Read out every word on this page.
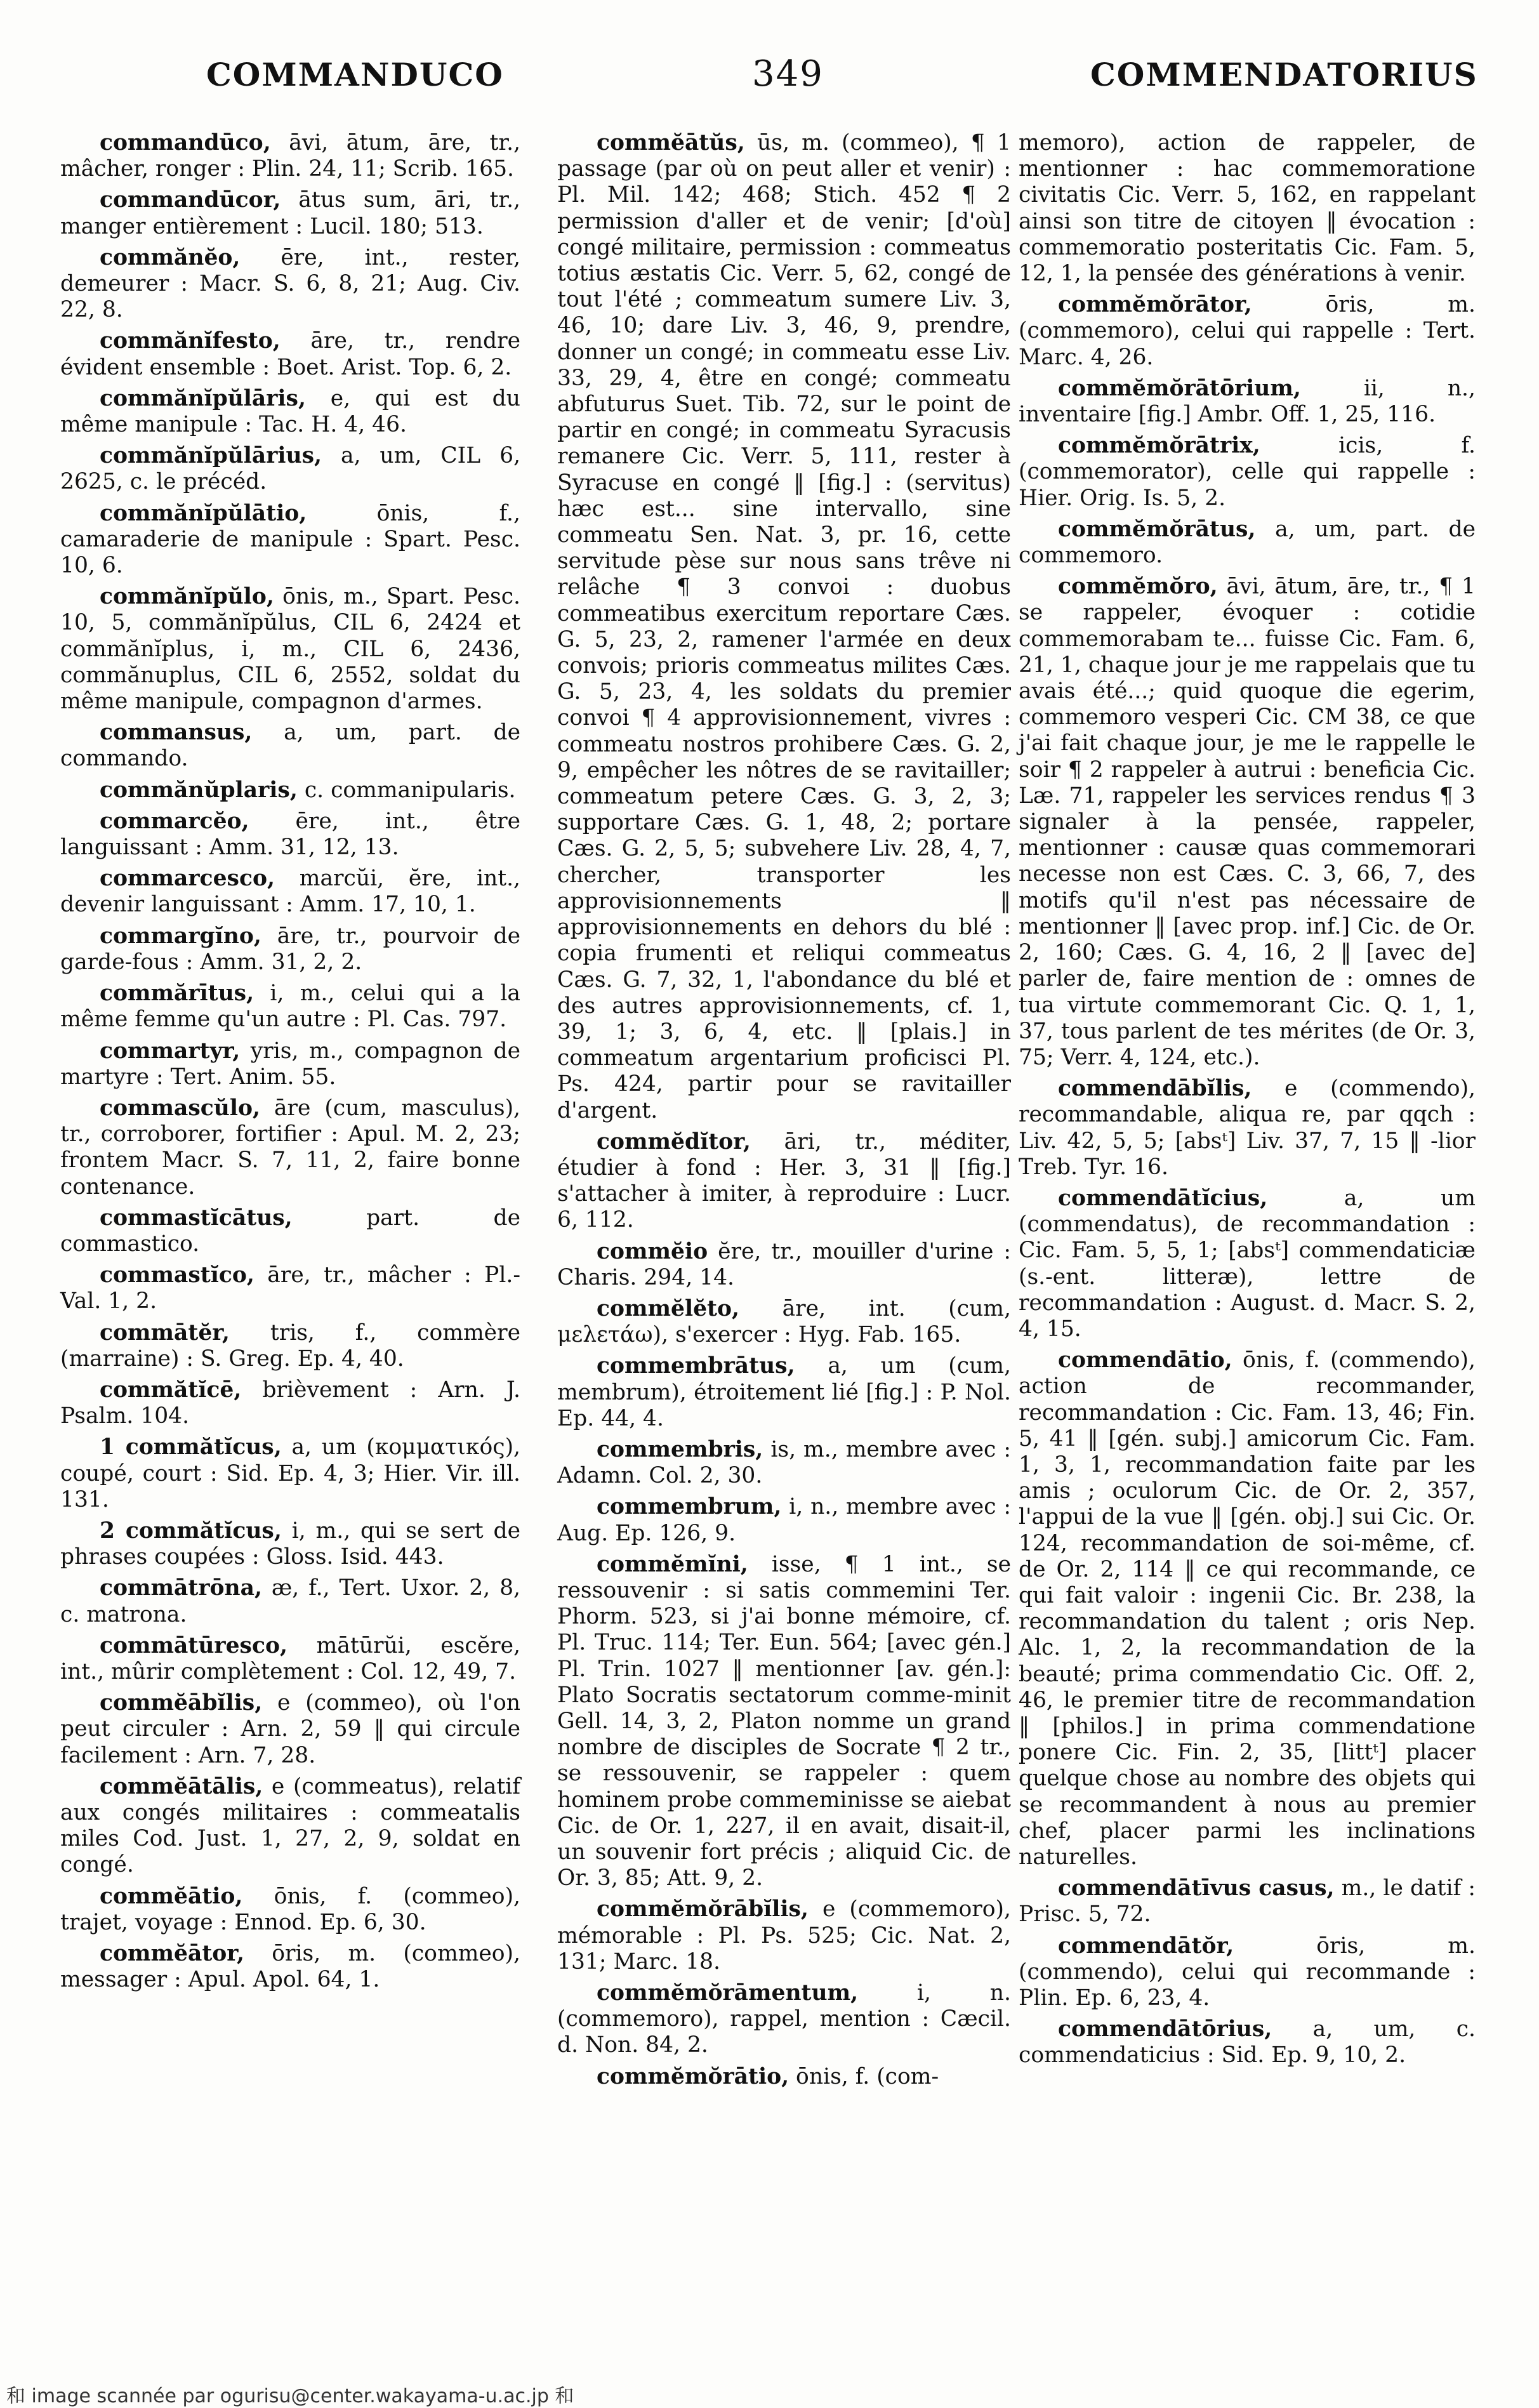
COMMANDUCO	349	COMMENDATORIUS

commandūco, āvi, ātum, āre, tr., mâcher, ronger : Plin. 24, 11; Scrib. 165.

commandūcor, ātus sum, āri, tr., manger entièrement : Lucil. 180; 513.

commănĕo, ēre, int., rester, demeurer : Macr. S. 6, 8, 21; Aug. Civ. 22, 8.

commănĭfesto, āre, tr., rendre évident ensemble : Boet. Arist. Top. 6, 2.

commănĭpŭlāris, e, qui est du même manipule : Tac. H. 4, 46.

commănĭpŭlārius, a, um, CIL 6, 2625, c. le précéd.

commănĭpŭlātio, ōnis, f., camaraderie de manipule : Spart. Pesc. 10, 6.

commănĭpŭlo, ōnis, m., Spart. Pesc. 10, 5, commănĭpŭlus, CIL 6, 2424 et commănĭplus, i, m., CIL 6, 2436, commănuplus, CIL 6, 2552, soldat du même manipule, compagnon d'armes.

commansus, a, um, part. de commando.

commănŭplaris, c. commanipularis.

commarcĕo, ēre, int., être languissant : Amm. 31, 12, 13.

commarcesco, marcŭi, ĕre, int., devenir languissant : Amm. 17, 10, 1.

commargĭno, āre, tr., pourvoir de garde-fous : Amm. 31, 2, 2.

commărītus, i, m., celui qui a la même femme qu'un autre : Pl. Cas. 797.

commartyr, yris, m., compagnon de martyre : Tert. Anim. 55.

commascŭlo, āre (cum, masculus), tr., corroborer, fortifier : Apul. M. 2, 23; frontem Macr. S. 7, 11, 2, faire bonne contenance.

commastĭcātus, part. de commastico.

commastĭco, āre, tr., mâcher : Pl.-Val. 1, 2.

commātĕr, tris, f., commère (marraine) : S. Greg. Ep. 4, 40.

commătĭcē, brièvement : Arn. J. Psalm. 104.

1 commătĭcus, a, um (κομματικός), coupé, court : Sid. Ep. 4, 3; Hier. Vir. ill. 131.

2 commătĭcus, i, m., qui se sert de phrases coupées : Gloss. Isid. 443.

commātrōna, æ, f., Tert. Uxor. 2, 8, c. matrona.

commātūresco, mātūrŭi, escĕre, int., mûrir complètement : Col. 12, 49, 7.

commĕābĭlis, e (commeo), où l'on peut circuler : Arn. 2, 59 ‖ qui circule facilement : Arn. 7, 28.

commĕātālis, e (commeatus), relatif aux congés militaires : commeatalis miles Cod. Just. 1, 27, 2, 9, soldat en congé.

commĕātio, ōnis, f. (commeo), trajet, voyage : Ennod. Ep. 6, 30.

commĕātor, ōris, m. (commeo), messager : Apul. Apol. 64, 1.

commĕātŭs, ūs, m. (commeo), ¶ 1 passage (par où on peut aller et venir) : Pl. Mil. 142; 468; Stich. 452 ¶ 2 permission d'aller et de venir; [d'où] congé militaire, permission : commeatus totius æstatis Cic. Verr. 5, 62, congé de tout l'été ; commeatum sumere Liv. 3, 46, 10; dare Liv. 3, 46, 9, prendre, donner un congé; in commeatu esse Liv. 33, 29, 4, être en congé; commeatu abfuturus Suet. Tib. 72, sur le point de partir en congé; in commeatu Syracusis remanere Cic. Verr. 5, 111, rester à Syracuse en congé ‖ [fig.] : (servitus) hæc est... sine intervallo, sine commeatu Sen. Nat. 3, pr. 16, cette servitude pèse sur nous sans trêve ni relâche ¶ 3 convoi : duobus commeatibus exercitum reportare Cæs. G. 5, 23, 2, ramener l'armée en deux convois; prioris commeatus milites Cæs. G. 5, 23, 4, les soldats du premier convoi ¶ 4 approvisionnement, vivres : commeatu nostros prohibere Cæs. G. 2, 9, empêcher les nôtres de se ravitailler; commeatum petere Cæs. G. 3, 2, 3; supportare Cæs. G. 1, 48, 2; portare Cæs. G. 2, 5, 5; subvehere Liv. 28, 4, 7, chercher, transporter les approvisionnements ‖ approvisionnements en dehors du blé : copia frumenti et reliqui commeatus Cæs. G. 7, 32, 1, l'abondance du blé et des autres approvisionnements, cf. 1, 39, 1; 3, 6, 4, etc. ‖ [plais.] in commeatum argentarium proficisci Pl. Ps. 424, partir pour se ravitailler d'argent.

commĕdĭtor, āri, tr., méditer, étudier à fond : Her. 3, 31 ‖ [fig.] s'attacher à imiter, à reproduire : Lucr. 6, 112.

commĕio ĕre, tr., mouiller d'urine : Charis. 294, 14.

commĕlĕto, āre, int. (cum, μελετάω), s'exercer : Hyg. Fab. 165.

commembrātus, a, um (cum, membrum), étroitement lié [fig.] : P. Nol. Ep. 44, 4.

commembris, is, m., membre avec : Adamn. Col. 2, 30.

commembrum, i, n., membre avec : Aug. Ep. 126, 9.

commĕmĭni, isse, ¶ 1 int., se ressouvenir : si satis commemini Ter. Phorm. 523, si j'ai bonne mémoire, cf. Pl. Truc. 114; Ter. Eun. 564; [avec gén.] Pl. Trin. 1027 ‖ mentionner [av. gén.]: Plato Socratis sectatorum comme-minit Gell. 14, 3, 2, Platon nomme un grand nombre de disciples de Socrate ¶ 2 tr., se ressouvenir, se rappeler : quem hominem probe commeminisse se aiebat Cic. de Or. 1, 227, il en avait, disait-il, un souvenir fort précis ; aliquid Cic. de Or. 3, 85; Att. 9, 2.

commĕmŏrābĭlis, e (commemoro), mémorable : Pl. Ps. 525; Cic. Nat. 2, 131; Marc. 18.

commĕmŏrāmentum, i, n. (commemoro), rappel, mention : Cæcil. d. Non. 84, 2.

commĕmŏrātio, ōnis, f. (com-

memoro), action de rappeler, de mentionner : hac commemoratione civitatis Cic. Verr. 5, 162, en rappelant ainsi son titre de citoyen ‖ évocation : commemoratio posteritatis Cic. Fam. 5, 12, 1, la pensée des générations à venir.

commĕmŏrātor, ōris, m. (commemoro), celui qui rappelle : Tert. Marc. 4, 26.

commĕmŏrātōrium, ii, n., inventaire [fig.] Ambr. Off. 1, 25, 116.

commĕmŏrātrix, icis, f. (commemorator), celle qui rappelle : Hier. Orig. Is. 5, 2.

commĕmŏrātus, a, um, part. de commemoro.

commĕmŏro, āvi, ātum, āre, tr., ¶ 1 se rappeler, évoquer : cotidie commemorabam te... fuisse Cic. Fam. 6, 21, 1, chaque jour je me rappelais que tu avais été...; quid quoque die egerim, commemoro vesperi Cic. CM 38, ce que j'ai fait chaque jour, je me le rappelle le soir ¶ 2 rappeler à autrui : beneficia Cic. Læ. 71, rappeler les services rendus ¶ 3 signaler à la pensée, rappeler, mentionner : causæ quas commemorari necesse non est Cæs. C. 3, 66, 7, des motifs qu'il n'est pas nécessaire de mentionner ‖ [avec prop. inf.] Cic. de Or. 2, 160; Cæs. G. 4, 16, 2 ‖ [avec de] parler de, faire mention de : omnes de tua virtute commemorant Cic. Q. 1, 1, 37, tous parlent de tes mérites (de Or. 3, 75; Verr. 4, 124, etc.).

commendābĭlis, e (commendo), recommandable, aliqua re, par qqch : Liv. 42, 5, 5; [absᵗ] Liv. 37, 7, 15 ‖ -lior Treb. Tyr. 16.

commendātĭcius, a, um (commendatus), de recommandation : Cic. Fam. 5, 5, 1; [absᵗ] commendaticiæ (s.-ent. litteræ), lettre de recommandation : August. d. Macr. S. 2, 4, 15.

commendātio, ōnis, f. (commendo), action de recommander, recommandation : Cic. Fam. 13, 46; Fin. 5, 41 ‖ [gén. subj.] amicorum Cic. Fam. 1, 3, 1, recommandation faite par les amis ; oculorum Cic. de Or. 2, 357, l'appui de la vue ‖ [gén. obj.] sui Cic. Or. 124, recommandation de soi-même, cf. de Or. 2, 114 ‖ ce qui recommande, ce qui fait valoir : ingenii Cic. Br. 238, la recommandation du talent ; oris Nep. Alc. 1, 2, la recommandation de la beauté; prima commendatio Cic. Off. 2, 46, le premier titre de recommandation ‖ [philos.] in prima commendatione ponere Cic. Fin. 2, 35, [littᵗ] placer quelque chose au nombre des objets qui se recommandent à nous au premier chef, placer parmi les inclinations naturelles.

commendātīvus casus, m., le datif : Prisc. 5, 72.

commendātŏr, ōris, m. (commendo), celui qui recommande : Plin. Ep. 6, 23, 4.

commendātōrius, a, um, c. commendaticius : Sid. Ep. 9, 10, 2.

和 image scannée par ogurisu@center.wakayama-u.ac.jp 和
